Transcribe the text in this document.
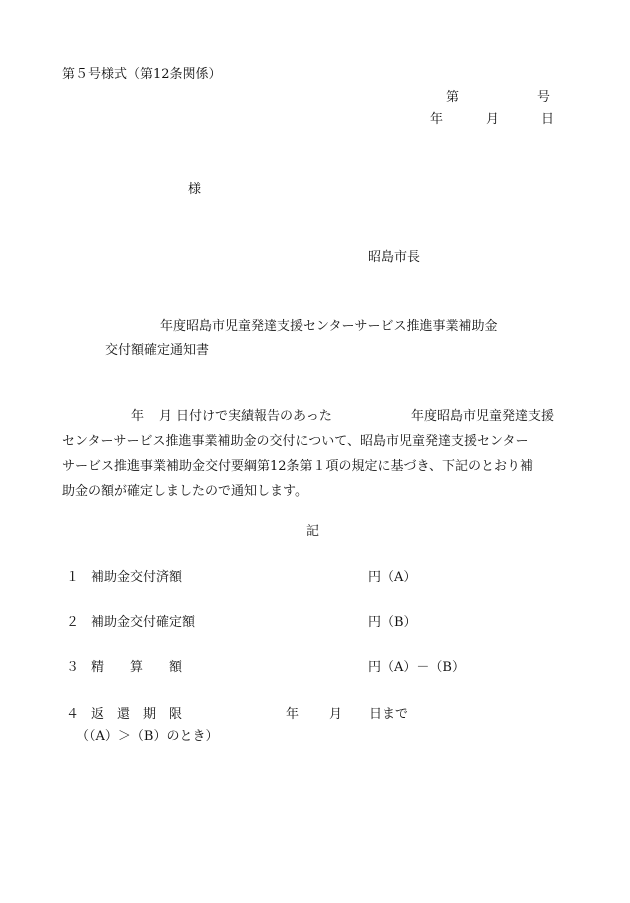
第５号様式（第12条関係）
第	号
年	月	日
様
昭島市長
年度昭島市児童発達支援センターサービス推進事業補助金
交付額確定通知書
年 月 日付けで実績報告のあった	年度昭島市児童発達支援

センターサービス推進事業補助金の交付について、昭島市児童発達支援センター

サービス推進事業補助金交付要綱第12条第１項の規定に基づき、下記のとおり補

助金の額が確定しましたので通知します。

記
１ 補助金交付済額	円（A）
２ 補助金交付確定額	円（B）
３ 精　　算　　額	円（A）－（B）
４ 返　還　期　限	年 月 日まで
（（A）＞（B）のとき）
